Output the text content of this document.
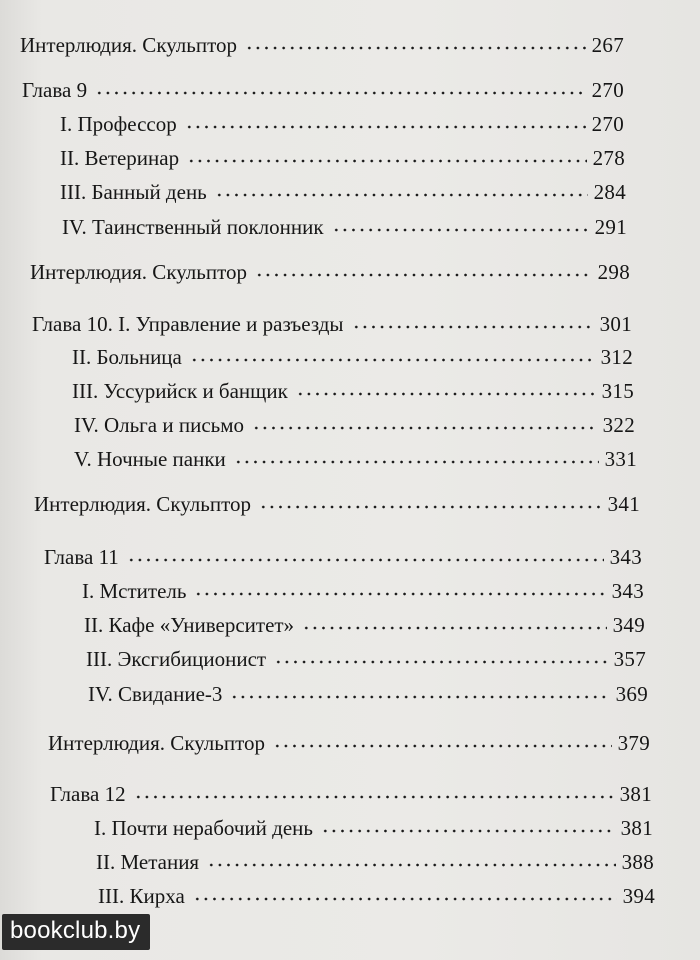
Интерлюдия. Скульптор	267
Глава 9	270
I. Профессор	270
II. Ветеринар	278
III. Банный день	284
IV. Таинственный поклонник	291
Интерлюдия. Скульптор	298
Глава 10. I. Управление и разъезды	301
II. Больница	312
III. Уссурийск и банщик	315
IV. Ольга и письмо	322
V. Ночные панки	331
Интерлюдия. Скульптор	341
Глава 11	343
I. Мститель	343
II. Кафе «Университет»	349
III. Эксгибиционист	357
IV. Свидание-3	369
Интерлюдия. Скульптор	379
Глава 12	381
I. Почти нерабочий день	381
II. Метания	388
III. Кирха	394
bookclub.by
